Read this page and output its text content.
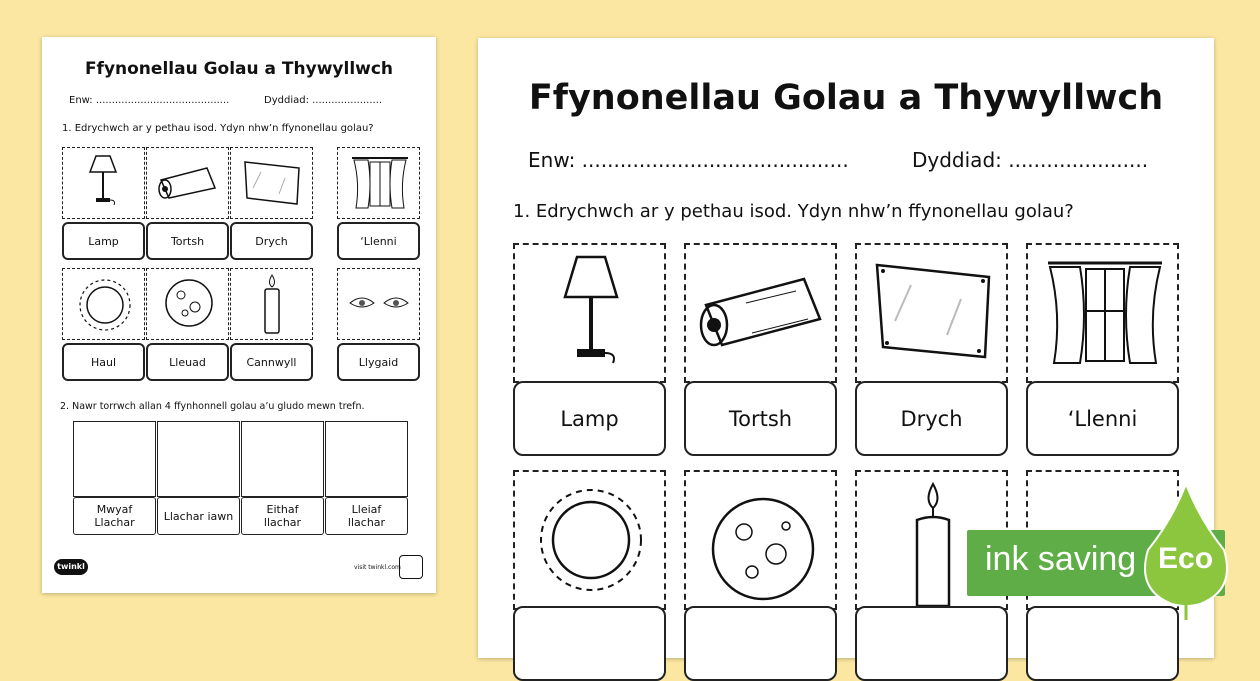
Ffynonellau Golau a Thywyllwch
Enw: ..........................................	Dyddiad: ......................
1. Edrychwch ar y pethau isod. Ydyn nhw’n ffynonellau golau?
Lamp	Tortsh	Drych	‘Llenni
Haul	Lleuad	Cannwyll	Llygaid
2. Nawr torrwch allan 4 ffynhonnell golau a’u gludo mewn trefn.
Mwyaf
Llachar	Llachar iawn	Eithaf
llachar
Lleiaf
llachar
twinkl	visit twinkl.com
Ffynonellau Golau a Thywyllwch
Enw: ..........................................	Dyddiad: ......................
1. Edrychwch ar y pethau isod. Ydyn nhw’n ffynonellau golau?
Lamp	Tortsh	Drych	‘Llenni
ink saving Eco
